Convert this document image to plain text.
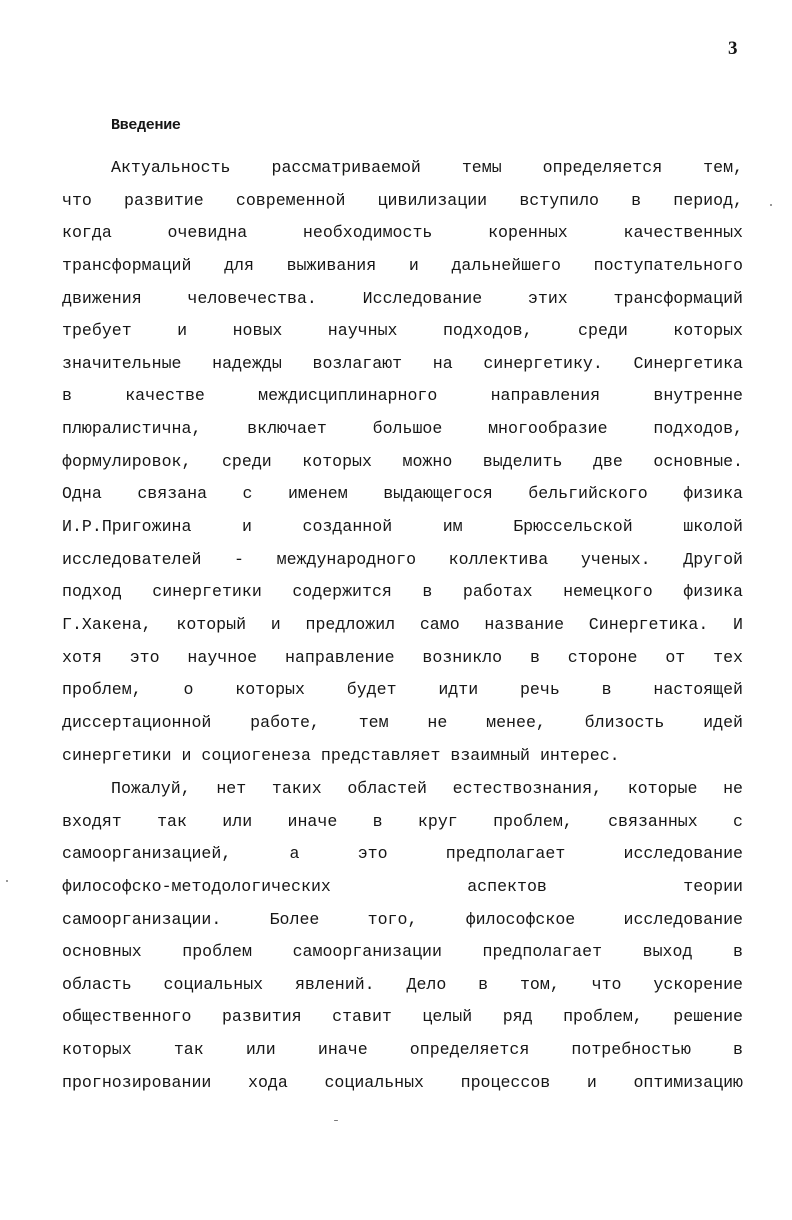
3
Введение
Актуальность рассматриваемой темы определяется тем,
что развитие современной цивилизации вступило в период,
когда очевидна необходимость коренных качественных
трансформаций для выживания и дальнейшего поступательного
движения человечества. Исследование этих трансформаций
требует и новых научных подходов, среди которых
значительные надежды возлагают на синергетику. Синергетика
в качестве междисциплинарного направления внутренне
плюралистична, включает большое многообразие подходов,
формулировок, среди которых можно выделить две основные.
Одна связана с именем выдающегося бельгийского физика
И.Р.Пригожина и созданной им Брюссельской школой
исследователей - международного коллектива ученых. Другой
подход синергетики содержится в работах немецкого физика
Г.Хакена, который и предложил само название Синергетика. И
хотя это научное направление возникло в стороне от тех
проблем, о которых будет идти речь в настоящей
диссертационной работе, тем не менее, близость идей
синергетики и социогенеза представляет взаимный интерес.
Пожалуй, нет таких областей естествознания, которые не
входят так или иначе в круг проблем, связанных с
самоорганизацией, а это предполагает исследование
философско-методологических аспектов теории
самоорганизации. Более того, философское исследование
основных проблем самоорганизации предполагает выход в
область социальных явлений. Дело в том, что ускорение
общественного развития ставит целый ряд проблем, решение
которых так или иначе определяется потребностью в
прогнозировании хода социальных процессов и оптимизацию
